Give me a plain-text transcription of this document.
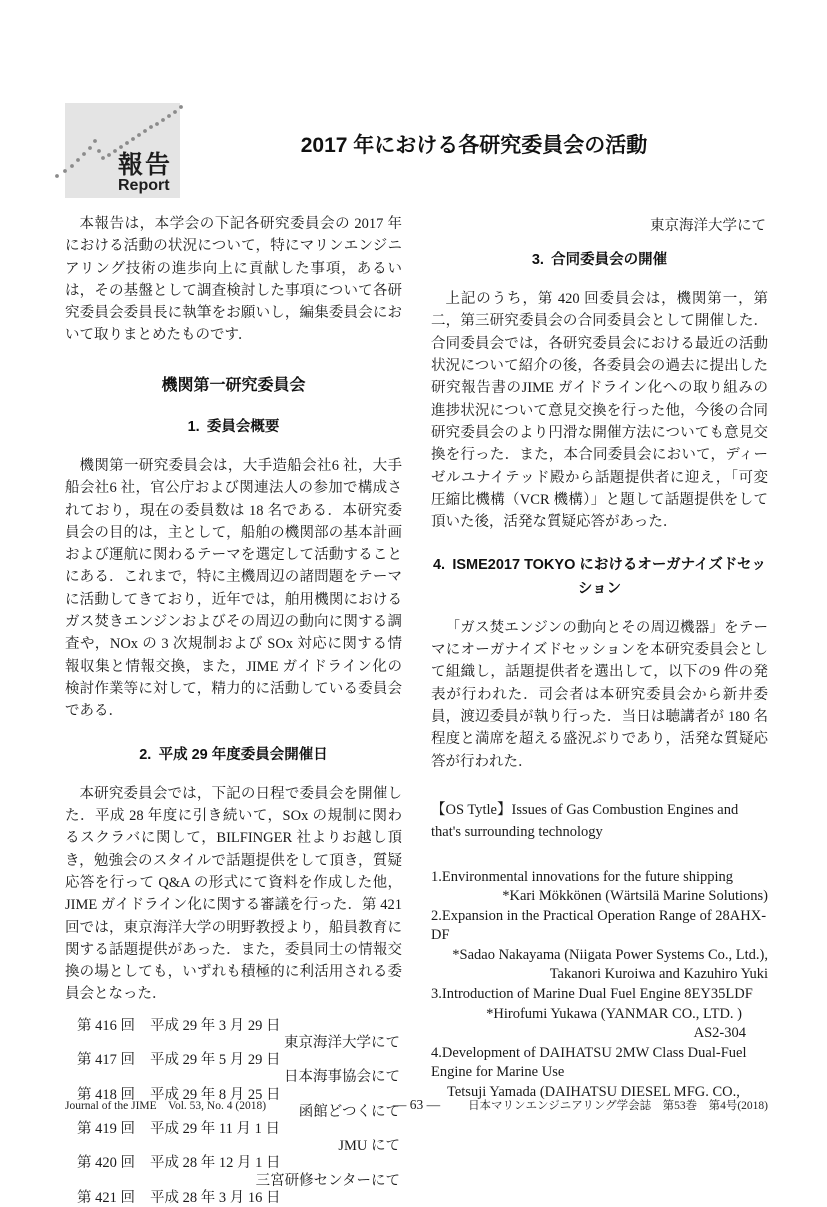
報告
Report
2017 年における各研究委員会の活動

本報告は，本学会の下記各研究委員会の 2017 年における活動の状況について，特にマリンエンジニアリング技術の進歩向上に貢献した事項，あるいは，その基盤として調査検討した事項について各研究委員会委員長に執筆をお願いし，編集委員会において取りまとめたものです．

機関第一研究委員会
1. 委員会概要

機関第一研究委員会は，大手造船会社6 社，大手船会社6 社，官公庁および関連法人の参加で構成されており，現在の委員数は 18 名である．本研究委員会の目的は，主として，船舶の機関部の基本計画および運航に関わるテーマを選定して活動することにある．これまで，特に主機周辺の諸問題をテーマに活動してきており，近年では，舶用機関におけるガス焚きエンジンおよびその周辺の動向に関する調査や，NOx の 3 次規制および SOx 対応に関する情報収集と情報交換，また，JIME ガイドライン化の検討作業等に対して，精力的に活動している委員会である．

2. 平成 29 年度委員会開催日

本研究委員会では，下記の日程で委員会を開催した．平成 28 年度に引き続いて，SOx の規制に関わるスクラバに関して，BILFINGER 社よりお越し頂き，勉強会のスタイルで話題提供をして頂き，質疑応答を行って Q&A の形式にて資料を作成した他，JIME ガイドライン化に関する審議を行った．第 421 回では，東京海洋大学の明野教授より，船員教育に関する話題提供があった．また，委員同士の情報交換の場としても，いずれも積極的に利活用される委員会となった．

第 416 回 平成 29 年 3 月 29 日
東京海洋大学にて
第 417 回 平成 29 年 5 月 29 日
日本海事協会にて
第 418 回 平成 29 年 8 月 25 日
函館どつくにて
第 419 回 平成 29 年 11 月 1 日
JMU にて
第 420 回 平成 28 年 12 月 1 日
三宮研修センターにて
第 421 回 平成 28 年 3 月 16 日
東京海洋大学にて
3. 合同委員会の開催

上記のうち，第 420 回委員会は，機関第一，第二，第三研究委員会の合同委員会として開催した．合同委員会では，各研究委員会における最近の活動状況について紹介の後，各委員会の過去に提出した研究報告書のJIME ガイドライン化への取り組みの進捗状況について意見交換を行った他，今後の合同研究委員会のより円滑な開催方法についても意見交換を行った．また，本合同委員会において，ディーゼルユナイテッド殿から話題提供者に迎え，「可変圧縮比機構（VCR 機構）」と題して話題提供をして頂いた後，活発な質疑応答があった．

4. ISME2017 TOKYO におけるオーガナイズドセッション

「ガス焚エンジンの動向とその周辺機器」をテーマにオーガナイズドセッションを本研究委員会として組織し，話題提供者を選出して，以下の9 件の発表が行われた．司会者は本研究委員会から新井委員，渡辺委員が執り行った．当日は聴講者が 180 名程度と満席を超える盛況ぶりであり，活発な質疑応答が行われた．

【OS Tytle】Issues of Gas Combustion Engines and that's surrounding technology

1.Environmental innovations for the future shipping
*Kari Mökkönen (Wärtsilä Marine Solutions)
2.Expansion in the Practical Operation Range of 28AHX-DF
*Sadao Nakayama (Niigata Power Systems Co., Ltd.), Takanori Kuroiwa and Kazuhiro Yuki
3.Introduction of Marine Dual Fuel Engine 8EY35LDF
*Hirofumi Yukawa (YANMAR CO., LTD. )
AS2-304
4.Development of DAIHATSU 2MW Class Dual-Fuel Engine for Marine Use
Tetsuji Yamada (DAIHATSU DIESEL MFG. CO.,
Journal of the JIME Vol. 53, No. 4 (2018)	― 63 ―	日本マリンエンジニアリング学会誌　第53巻　第4号(2018)
